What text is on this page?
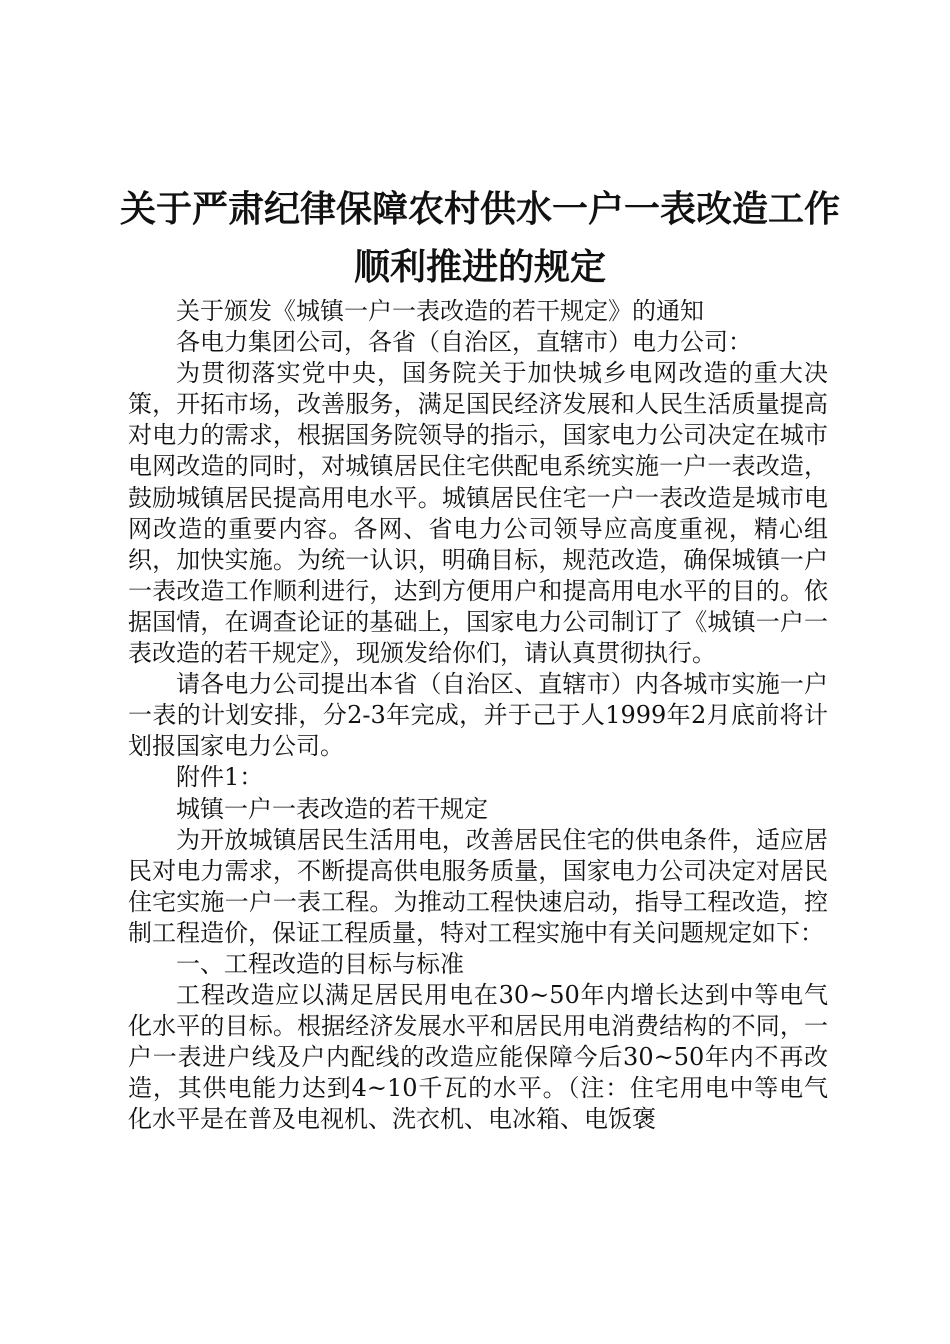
关于严肃纪律保障农村供水一户一表改造工作
顺利推进的规定

关于颁发《城镇一户一表改造的若干规定》的通知

各电力集团公司，各省（自治区，直辖市）电力公司：

为贯彻落实党中央，国务院关于加快城乡电网改造的重大决策，开拓市场，改善服务，满足国民经济发展和人民生活质量提高对电力的需求，根据国务院领导的指示，国家电力公司决定在城市电网改造的同时，对城镇居民住宅供配电系统实施一户一表改造，鼓励城镇居民提高用电水平。城镇居民住宅一户一表改造是城市电网改造的重要内容。各网、省电力公司领导应高度重视，精心组织，加快实施。为统一认识，明确目标，规范改造，确保城镇一户一表改造工作顺利进行，达到方便用户和提高用电水平的目的。依据国情，在调查论证的基础上，国家电力公司制订了《城镇一户一表改造的若干规定》，现颁发给你们，请认真贯彻执行。

请各电力公司提出本省（自治区、直辖市）内各城市实施一户一表的计划安排，分2-3年完成，并于己于人1999年2月底前将计划报国家电力公司。

附件1：

城镇一户一表改造的若干规定

为开放城镇居民生活用电，改善居民住宅的供电条件，适应居民对电力需求，不断提高供电服务质量，国家电力公司决定对居民住宅实施一户一表工程。为推动工程快速启动，指导工程改造，控制工程造价，保证工程质量，特对工程实施中有关问题规定如下：

一、工程改造的目标与标准

工程改造应以满足居民用电在30~50年内增长达到中等电气化水平的目标。根据经济发展水平和居民用电消费结构的不同，一户一表进户线及户内配线的改造应能保障今后30~50年内不再改造，其供电能力达到4~10千瓦的水平。（注：住宅用电中等电气化水平是在普及电视机、洗衣机、电冰箱、电饭褒
